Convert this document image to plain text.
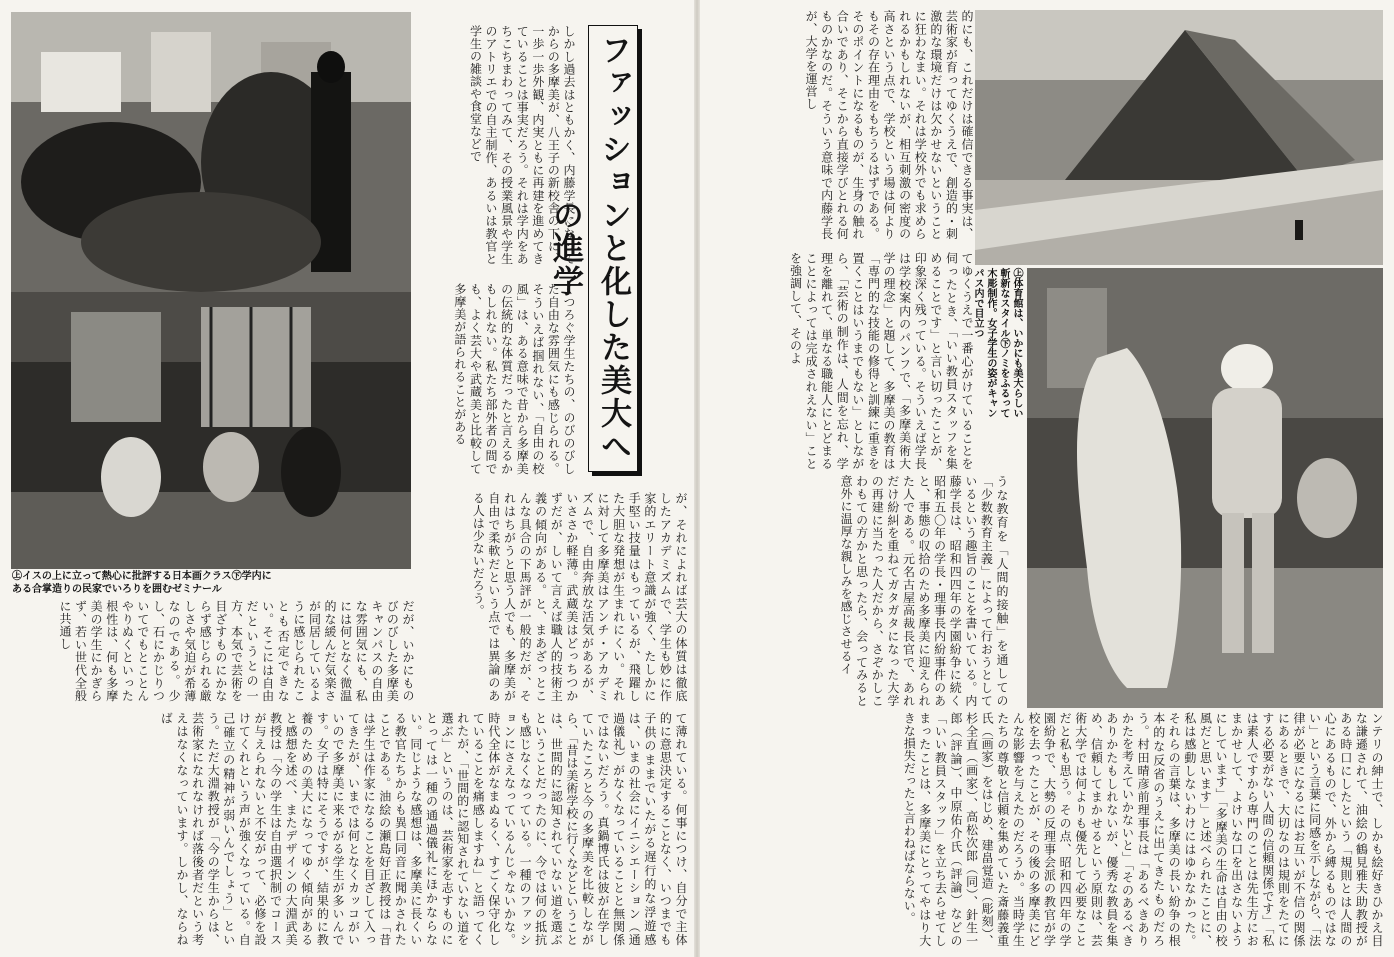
㊤イスの上に立って熱心に批評する日本画クラス㊦学内にある合掌造りの民家でいろりを囲むゼミナール
しかし過去はともかく、内藤学長になってからの多摩美が、八王子の新校舎の下に、一歩一歩外観、内実ともに再建を進めてきていることは事実だろう。それは学内をあちこちまわってみて、その授業風景や学生のアトリエでの自主制作、あるいは教官と学生の雑談や食堂などで
くつろぐ学生たちの、のびのびした自由な雰囲気にも感じられる。そういえば掴れない、「自由の校風」は、ある意味で昔から多摩美の伝統的な体質だったと言えるかもしれない。私たち部外者の間でも、よく芸大や武蔵美と比較して多摩美が語られることがある	ファッションと化した美大への進学
が、それによれば芸大の体質は徹底したアカデミズムで、学生も妙に作家的エリート意識が強く、たしかに手堅い技量はもっているが、飛躍した大胆な発想が生まれにくい。それに対して多摩美はアンチ・アカデミズムで、自由奔放な活気があるが、いささか軽薄。武蔵美はどっちつかずだが、しいて言えば職人的技術主義の傾向がある。と、まあざっとこんな具合の下馬評が一般的だが、それはちがうと思う人でも、多摩美が自由で柔軟だという点では異論のある人は少ないだろう。
だが、いかにものびのびした多摩美キャンパスの自由な雰囲気にも、私には何となく微温的な緩んだ気楽さが同居しているように感じられたことも否定できない。そこには自由だというとの一方、本気で芸術を目ざすものにかならず感じられる厳しさや気迫が希薄なのである。少し、石にかじりついてでもとことんやりぬくといった根性は、何も多摩美の学生にかぎらず、若い世代全般に共通し
て薄れている。何事につけ、自分で主体的に意思決定することなく、いつまでも子供のままでいたがる遅行的な浮遊感は、いまの社会にイニシエーション（通過儀礼）がなくなっていることと無関係ではないだろう。真鍋博氏は彼が在学していたころと今の多摩美を比較しながら、「昔は美術学校に行くなどということは、世間的に認知されていない道を選ぶということだったのに、今では何の抵抗も感じなくなっている。一種のファッションにさえなっているんじゃないかな。時代全体がなまぬるく、すごく保守化していることを痛感しますね」と語ってくれたが、「世間的に認知されていない道を選ぶ」というのは、芸術家を志すものにとっては一種の通過儀礼にほかならない。同じような感想は、多摩美に長くいる教官たちからも異口同音に聞かされたことである。油絵の瀬島好正教授は「昔は学生は作家になることを目ざして入ってきたが、いまでは何となくカッコがいいので多摩美に来るがる学生が多いんです。女子は特にそうですが、結果的に教養のための美大になってゆく傾向があると感想を述べ、またデザインの大淵武美教授は「今の学生は自由選択制でコースが与えられないと不安がって、必修を設けてくれという声が強くなっている。自己確立の精神が弱いんでしょう」という。ただ大淵教授が「今の学生からは、芸術家になれなければ落後者だという考えはなくなっています。しかし、ならねば
的にも、これだけは確信できる事実は、芸術家が育ってゆくうえで、創造的・刺激的な環境だけは欠かせないということに狂わなまい。それは学校外でも求められるかもしれないが、相互刺激の密度の高さという点で、学校という場は何よりもその存在理由をもちうるはずである。そのポイントになるものが、生身の触れ合いであり、そこから直接学びとれる何ものかなのだ。そういう意味で内藤学長が、大学を運営し
てゆくうえで一番心がけていることを伺ったとき、「いい教員スタッフを集めることです」と言い切ったことが、印象深く残っている。そういえば学長は学校案内のパンフで、「多摩美術大学の理念」と題して、多摩美の教育は「専門的な技能の修得と訓練に重きを置くことはいうまでもない」としながら、「芸術の制作は、人間を忘れ、学理を離れて、単なる職能人にとどまることによっては完成されえない」ことを強調して、そのよ
うな教育を「人間的接触」を通しての「少数教育主義」によって行おうとしているという趣旨のことを書いている。内藤学長は、昭和四四年の学園紛争に続く昭和五〇年の学長・理事長内紛事件のあと、事態の収拾のため多摩美に迎えられた人である。元名古屋高裁長官で、あれだけ紛糾を重ねてガタガタになった大学の再建に当たった人だから、さぞかしこわもての方かと思ったら、会ってみると意外に温厚な親しみを感じさせるイ
㊤体育館は、いかにも美大らしい斬新なスタイル㊦ノミをふるって木彫制作。女子学生の姿がキャンパス内で目立つ
ンテリの紳士で、しかも絵好きひかえ目な謙遜されて、油絵の鶴見雅夫助教授がある時口にしたという「規則とは人間の心にあるもので、外から縛るものではない」という言葉に同感を示しながら、「法律が必要になるにはお互いが不信の関係にあるときで、大切なのは規則をたてにする必要がない人間の信頼関係です」「私は素人ですから専門のことは先生方におまかせして、よけいな口を出さないようにしています」「多摩美の生命は自由の校風だと思います」と述べられたことに、私は感動しないわけにはゆかなかった。それらの言葉は、多摩美の長い紛争の根本的な反省のうえに出てきたものだろう。村田晴彦前理事長は「あるべきありかたを考えていかないと」「そのあるべきありかたもしれないが、優秀な教員を集め、信頼してまかせるという原則は、芸術大学では何よりも優先して必要なことだと私も思う。その点、昭和四四年の学園紛争で、大勢の反理事会派の教官が学校を去ったことが、その後の多摩美にどんな影響を与えたのだろうか。当時学生たちの尊敬と信頼を集めていた斎藤義重氏（画家）をはじめ、建畠覚造（彫刻）、杉全直（画家）、高松次郎（同）、針生一郎（評論）、中原佑介氏（評論）などの「いい教員スタッフ」を立ち去らせてしまったことは、多摩美にとってやはり大きな損失だったと言わねばならない。
